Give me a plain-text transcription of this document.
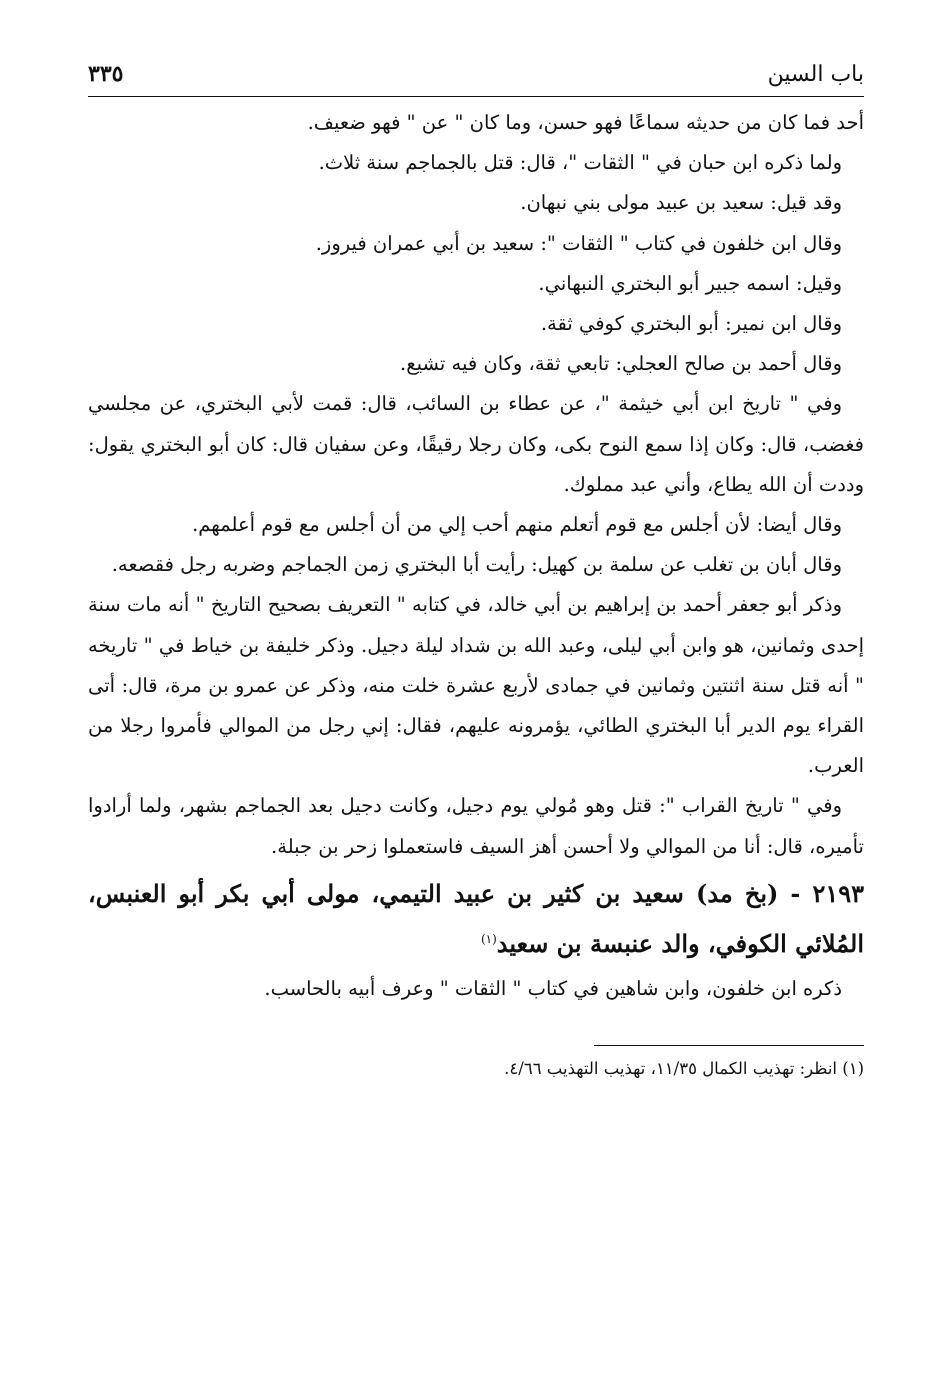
باب السين
٣٣٥

أحد فما كان من حديثه سماعًا فهو حسن، وما كان " عن " فهو ضعيف.

ولما ذكره ابن حبان في " الثقات "، قال: قتل بالجماجم سنة ثلاث.

وقد قيل: سعيد بن عبيد مولى بني نبهان.

وقال ابن خلفون في كتاب " الثقات ": سعيد بن أبي عمران فيروز.

وقيل: اسمه جبير أبو البختري النبهاني.

وقال ابن نمير: أبو البختري كوفي ثقة.

وقال أحمد بن صالح العجلي: تابعي ثقة، وكان فيه تشيع.

وفي " تاريخ ابن أبي خيثمة "، عن عطاء بن السائب، قال: قمت لأبي البختري، عن مجلسي فغضب، قال: وكان إذا سمع النوح بكى، وكان رجلا رقيقًا، وعن سفيان قال: كان أبو البختري يقول: وددت أن الله يطاع، وأني عبد مملوك.

وقال أيضا: لأن أجلس مع قوم أتعلم منهم أحب إلي من أن أجلس مع قوم أعلمهم.

وقال أبان بن تغلب عن سلمة بن كهيل: رأيت أبا البختري زمن الجماجم وضربه رجل فقصعه.

وذكر أبو جعفر أحمد بن إبراهيم بن أبي خالد، في كتابه " التعريف بصحيح التاريخ " أنه مات سنة إحدى وثمانين، هو وابن أبي ليلى، وعبد الله بن شداد ليلة دجيل. وذكر خليفة بن خياط في " تاريخه " أنه قتل سنة اثنتين وثمانين في جمادى لأربع عشرة خلت منه، وذكر عن عمرو بن مرة، قال: أتى القراء يوم الدير أبا البختري الطائي، يؤمرونه عليهم، فقال: إني رجل من الموالي فأمروا رجلا من العرب.

وفي " تاريخ القراب ": قتل وهو مُولي يوم دجيل، وكانت دجيل بعد الجماجم بشهر، ولما أرادوا تأميره، قال: أنا من الموالي ولا أحسن أهز السيف فاستعملوا زحر بن جبلة.

٢١٩٣ - (بخ مد) سعيد بن كثير بن عبيد التيمي، مولى أبي بكر أبو العنبس، المُلائي الكوفي، والد عنبسة بن سعيد$^{(١)}$

ذكره ابن خلفون، وابن شاهين في كتاب " الثقات " وعرف أبيه بالحاسب.

(١) انظر: تهذيب الكمال ١١/٣٥، تهذيب التهذيب ٤/٦٦.
